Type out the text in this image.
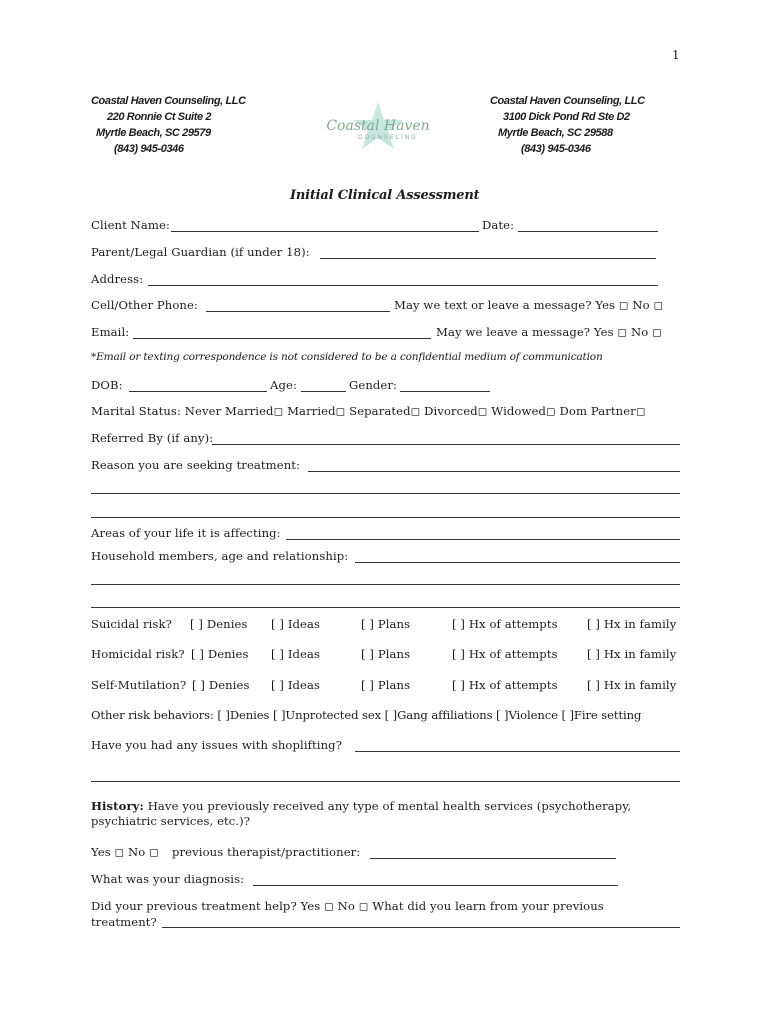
1
Coastal Haven Counseling, LLC
220 Ronnie Ct Suite 2
Myrtle Beach, SC 29579
(843) 945-0346
Coastal Haven
COUNSELING
Coastal Haven Counseling, LLC
3100 Dick Pond Rd Ste D2
Myrtle Beach, SC 29588
(843) 945-0346
Initial Clinical Assessment
Client Name:	Date:
Parent/Legal Guardian (if under 18):
Address:
Cell/Other Phone:	May we text or leave a message? Yes ◻ No ◻
Email:	May we leave a message? Yes ◻ No ◻
*Email or texting correspondence is not considered to be a confidential medium of communication
DOB:	Age:	Gender:
Marital Status: Never Married◻ Married◻ Separated◻ Divorced◻ Widowed◻ Dom Partner◻
Referred By (if any):
Reason you are seeking treatment:
Areas of your life it is affecting:
Household members, age and relationship:
Suicidal risk? [ ] Denies [ ] Ideas	[ ] Plans	[ ] Hx of attempts	[ ] Hx in family
Homicidal risk? [ ] Denies [ ] Ideas	[ ] Plans	[ ] Hx of attempts	[ ] Hx in family
Self-Mutilation? [ ] Denies [ ] Ideas	[ ] Plans	[ ] Hx of attempts	[ ] Hx in family
Other risk behaviors: [ ]Denies [ ]Unprotected sex [ ]Gang affiliations [ ]Violence [ ]Fire setting
Have you had any issues with shoplifting?
History: Have you previously received any type of mental health services (psychotherapy, psychiatric services, etc.)?
Yes ◻ No ◻ previous therapist/practitioner:
What was your diagnosis:
Did your previous treatment help? Yes ◻ No ◻ What did you learn from your previous treatment?
